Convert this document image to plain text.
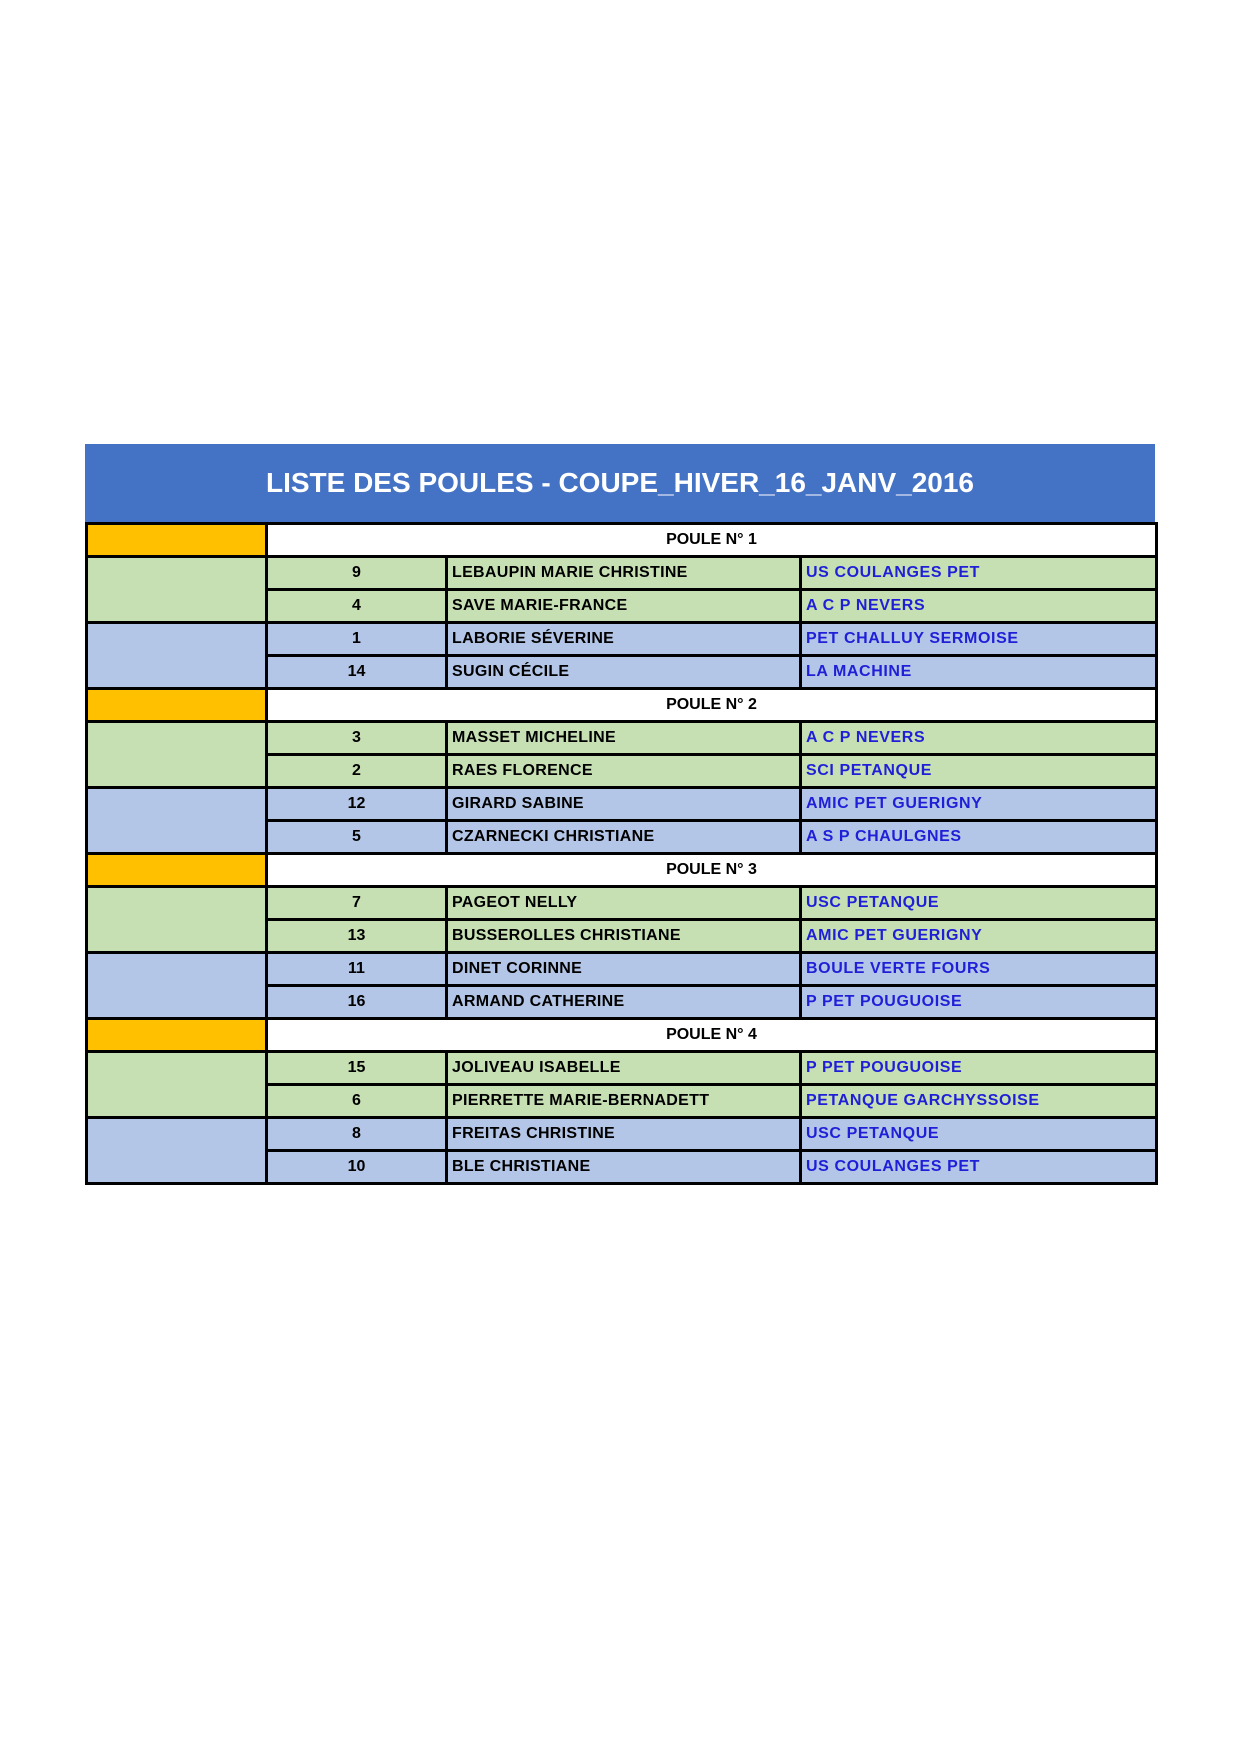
LISTE DES POULES - COUPE_HIVER_16_JANV_2016
	POULE N° 1		
	9	LEBAUPIN MARIE CHRISTINE	US COULANGES PET
	4	SAVE MARIE-FRANCE	A C P NEVERS
	1	LABORIE SÉVERINE	PET CHALLUY SERMOISE
	14	SUGIN CÉCILE	LA MACHINE
	POULE N° 2		
	3	MASSET MICHELINE	A C P NEVERS
	2	RAES FLORENCE	SCI PETANQUE
	12	GIRARD SABINE	AMIC PET GUERIGNY
	5	CZARNECKI CHRISTIANE	A S P CHAULGNES
	POULE N° 3		
	7	PAGEOT NELLY	USC PETANQUE
	13	BUSSEROLLES CHRISTIANE	AMIC PET GUERIGNY
	11	DINET CORINNE	BOULE VERTE FOURS
	16	ARMAND CATHERINE	P PET POUGUOISE
	POULE N° 4		
	15	JOLIVEAU ISABELLE	P PET POUGUOISE
	6	PIERRETTE MARIE-BERNADETT	PETANQUE GARCHYSSOISE
	8	FREITAS CHRISTINE	USC PETANQUE
	10	BLE CHRISTIANE	US COULANGES PET
